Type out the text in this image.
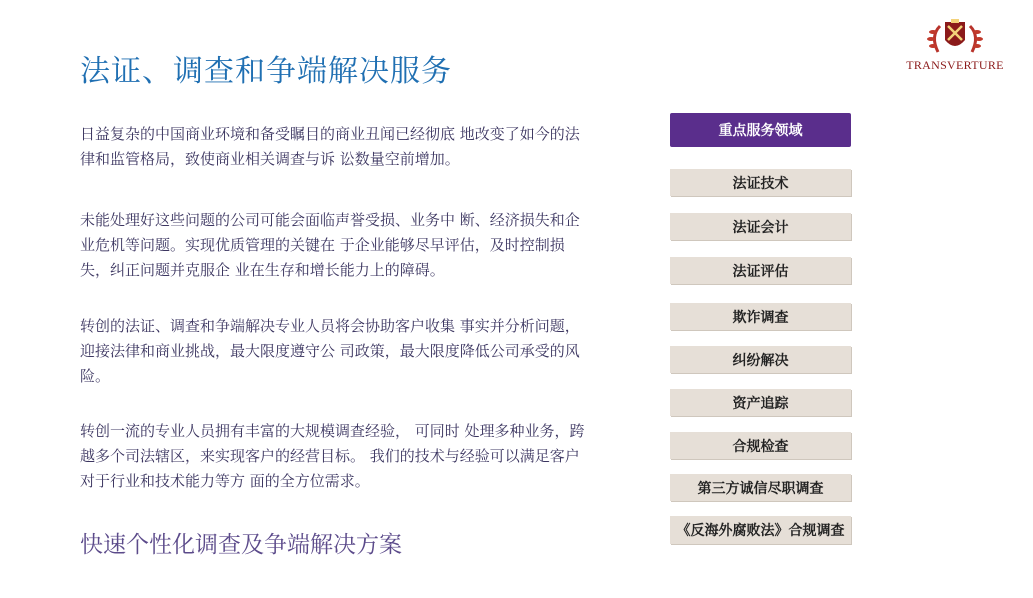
法证、调查和争端解决服务	TRANSVERTURE
日益复杂的中国商业环境和备受瞩目的商业丑闻已经彻底 地改变了如今的法律和监管格局，致使商业相关调查与诉 讼数量空前增加。
未能处理好这些问题的公司可能会面临声誉受损、业务中 断、经济损失和企业危机等问题。实现优质管理的关键在 于企业能够尽早评估，及时控制损失，纠正问题并克服企 业在生存和增长能力上的障碍。
转创的法证、调查和争端解决专业人员将会协助客户收集 事实并分析问题，迎接法律和商业挑战，最大限度遵守公 司政策，最大限度降低公司承受的风险。
转创一流的专业人员拥有丰富的大规模调查经验， 可同时 处理多种业务，跨越多个司法辖区，来实现客户的经营目标。 我们的技术与经验可以满足客户对于行业和技术能力等方 面的全方位需求。
快速个性化调查及争端解决方案
重点服务领域
法证技术
法证会计
法证评估
欺诈调查
纠纷解决
资产追踪
合规检查
第三方诚信尽职调查
《反海外腐败法》合规调查
